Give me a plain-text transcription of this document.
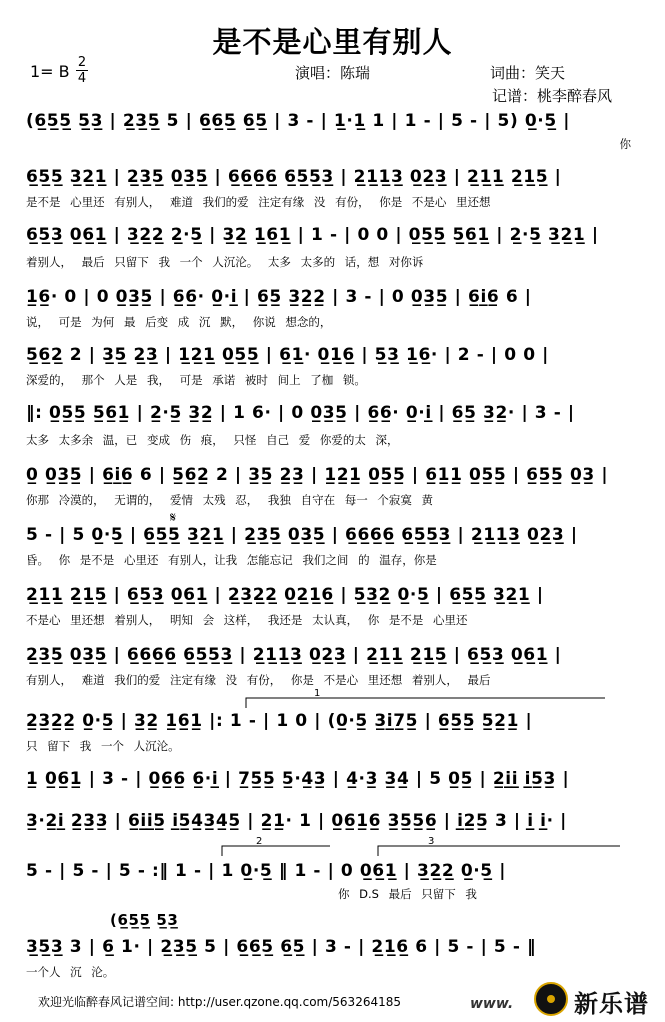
是不是心里有别人
1= B 2
4	演唱：陈瑞	词曲：笑天
记谱：桃李醉春风
(6̲5̲5̲ 5̲3̲ | 2̲3̲5̲ 5 | 6̲6̲5̲ 6̲5̲ | 3 - | 1̲·1̲ 1 | 1 - | 5 - | 5) 0̲·5̲ |
你
6̲5̲5̲ 3̲2̲1̲ | 2̲3̲5̲ 0̲3̲5̲ | 6̲6̲6̲6̲ 6̲5̲5̲3̲ | 2̲1̲1̲3̲ 0̲2̲3̲ | 2̲1̲1̲ 2̲1̲5̲ |
是不是 心里还 有别人， 难道 我们的爱 注定有缘 没 有份， 你是 不是心 里还想
6̲5̲3̲ 0̲6̲1̲ | 3̲2̲2̲ 2̲·5̲ | 3̲2̲ 1̲6̲1̲ | 1 - | 0 0 | 0̲5̲5̲ 5̲6̲1̲ | 2̲·5̲ 3̲2̲1̲ |
着别人， 最后 只留下 我 一个 人沉沦。 太多 太多的 话，想 对你诉
1̲6̲· 0 | 0 0̲3̲5̲ | 6̲6̲· 0̲·i̲ | 6̲5̲ 3̲2̲2̲ | 3 - | 0 0̲3̲5̲ | 6̲i̲6̲ 6 |
说， 可是 为何 最 后变 成 沉 默， 你说 想念的，
5̲6̲2̲ 2 | 3̲5̲ 2̲3̲ | 1̲2̲1̲ 0̲5̲5̲ | 6̲1̲· 0̲1̲6̲ | 5̲3̲ 1̲6̲· | 2 - | 0 0 |
深爱的， 那个 人是 我， 可是 承诺 被时 间上 了枷 锁。
‖: 0̲5̲5̲ 5̲6̲1̲ | 2̲·5̲ 3̲2̲ | 1 6· | 0 0̲3̲5̲ | 6̲6̲· 0̲·i̲ | 6̲5̲ 3̲2̲· | 3 - |
太多 太多余 温，已 变成 伤 痕， 只怪 自己 爱 你爱的太 深，
0̲ 0̲3̲5̲ | 6̲i̲6̲ 6 | 5̲6̲2̲ 2 | 3̲5̲ 2̲3̲ | 1̲2̲1̲ 0̲5̲5̲ | 6̲1̲1̲ 0̲5̲5̲ | 6̲5̲5̲ 0̲3̲ |
你那 冷漠的， 无谓的， 爱情 太残 忍， 我独 自守在 每一 个寂寞 黄
5 - | 5 0̲·5̲ | 6̲5̲5̲ 3̲2̲1̲ | 2̲3̲5̲ 0̲3̲5̲ | 6̲6̲6̲6̲ 6̲5̲5̲3̲ | 2̲1̲1̲3̲ 0̲2̲3̲ |
昏。 你 是不是 心里还 有别人，让我 怎能忘记 我们之间 的 温存，你是
2̲1̲1̲ 2̲1̲5̲ | 6̲5̲3̲ 0̲6̲1̲ | 2̲3̲2̲2̲ 0̲2̲1̲6̲ | 5̲3̲2̲ 0̲·5̲ | 6̲5̲5̲ 3̲2̲1̲ |
不是心 里还想 着别人， 明知 会 这样， 我还是 太认真， 你 是不是 心里还
2̲3̲5̲ 0̲3̲5̲ | 6̲6̲6̲6̲ 6̲5̲5̲3̲ | 2̲1̲1̲3̲ 0̲2̲3̲ | 2̲1̲1̲ 2̲1̲5̲ | 6̲5̲3̲ 0̲6̲1̲ |
有别人， 难道 我们的爱 注定有缘 没 有份， 你是 不是心 里还想 着别人， 最后
2̲3̲2̲2̲ 0̲·5̲ | 3̲2̲ 1̲6̲1̲ |: 1 - | 1 0 | (0̲·5̲ 3̲i̲7̲5̲ | 6̲5̲5̲ 5̲2̲1̲ |
只 留下 我 一个 人沉沦。
1̲ 0̲6̲1̲ | 3 - | 0̲6̲6̲ 6̲·i̲ | 7̲5̲5̲ 5̲·4̲3̲ | 4̲·3̲ 3̲4̲ | 5 0̲5̲ | 2̲i̲i̲ i̲5̲3̲ |
3̲·2̲i̲ 2̲3̲3̲ | 6̲i̲i̲5̲ i̲5̲4̲3̲4̲5̲ | 2̲1̲· 1 | 0̲6̲1̲6̲ 3̲5̲5̲6̲ | i̲2̲5̲ 3 | i̲ i̲· |
5 - | 5 - | 5 - :‖ 1 - | 1 0̲·5̲ ‖ 1 - | 0 0̲6̲1̲ | 3̲2̲2̲ 0̲·5̲ |
你 D.S 最后 只留下 我
(6̲5̲5̲ 5̲3̲
3̲5̲3̲ 3 | 6̲ 1· | 2̲3̲5̲ 5 | 6̲6̲5̲ 6̲5̲ | 3 - | 2̲1̲6̲ 6 | 5 - | 5 - ‖
一个人 沉 沦。
1
2	3
𝄋
欢迎光临醉春风记谱空间: http://user.qzone.qq.com/563264185	www.	新乐谱
